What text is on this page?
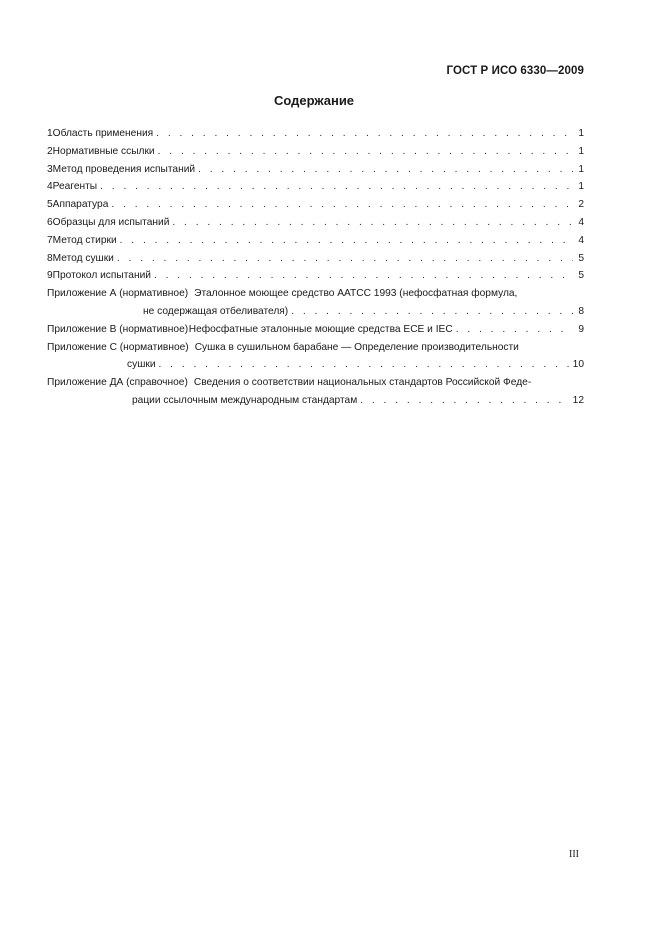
ГОСТ Р ИСО 6330—2009
Содержание
1 Область применения . . .	1
2 Нормативные ссылки . . .	1
3 Метод проведения испытаний . . .	1
4 Реагенты . . .	1
5 Аппаратура . . .	2
6 Образцы для испытаний . . .	4
7 Метод стирки . . .	4
8 Метод сушки . . .	5
9 Протокол испытаний . . .	5
Приложение А (нормативное) Эталонное моющее средство ААТСС 1993 (нефосфатная формула,
не содержащая отбеливателя) . . .	8
Приложение В (нормативное) Нефосфатные эталонные моющие средства ЕСЕ и IEC . . .	9
Приложение С (нормативное) Сушка в сушильном барабане — Определение производительности
сушки . . .	10
Приложение ДА (справочное) Сведения о соответствии национальных стандартов Российской Феде-
рации ссылочным международным стандартам . . .	12
III
